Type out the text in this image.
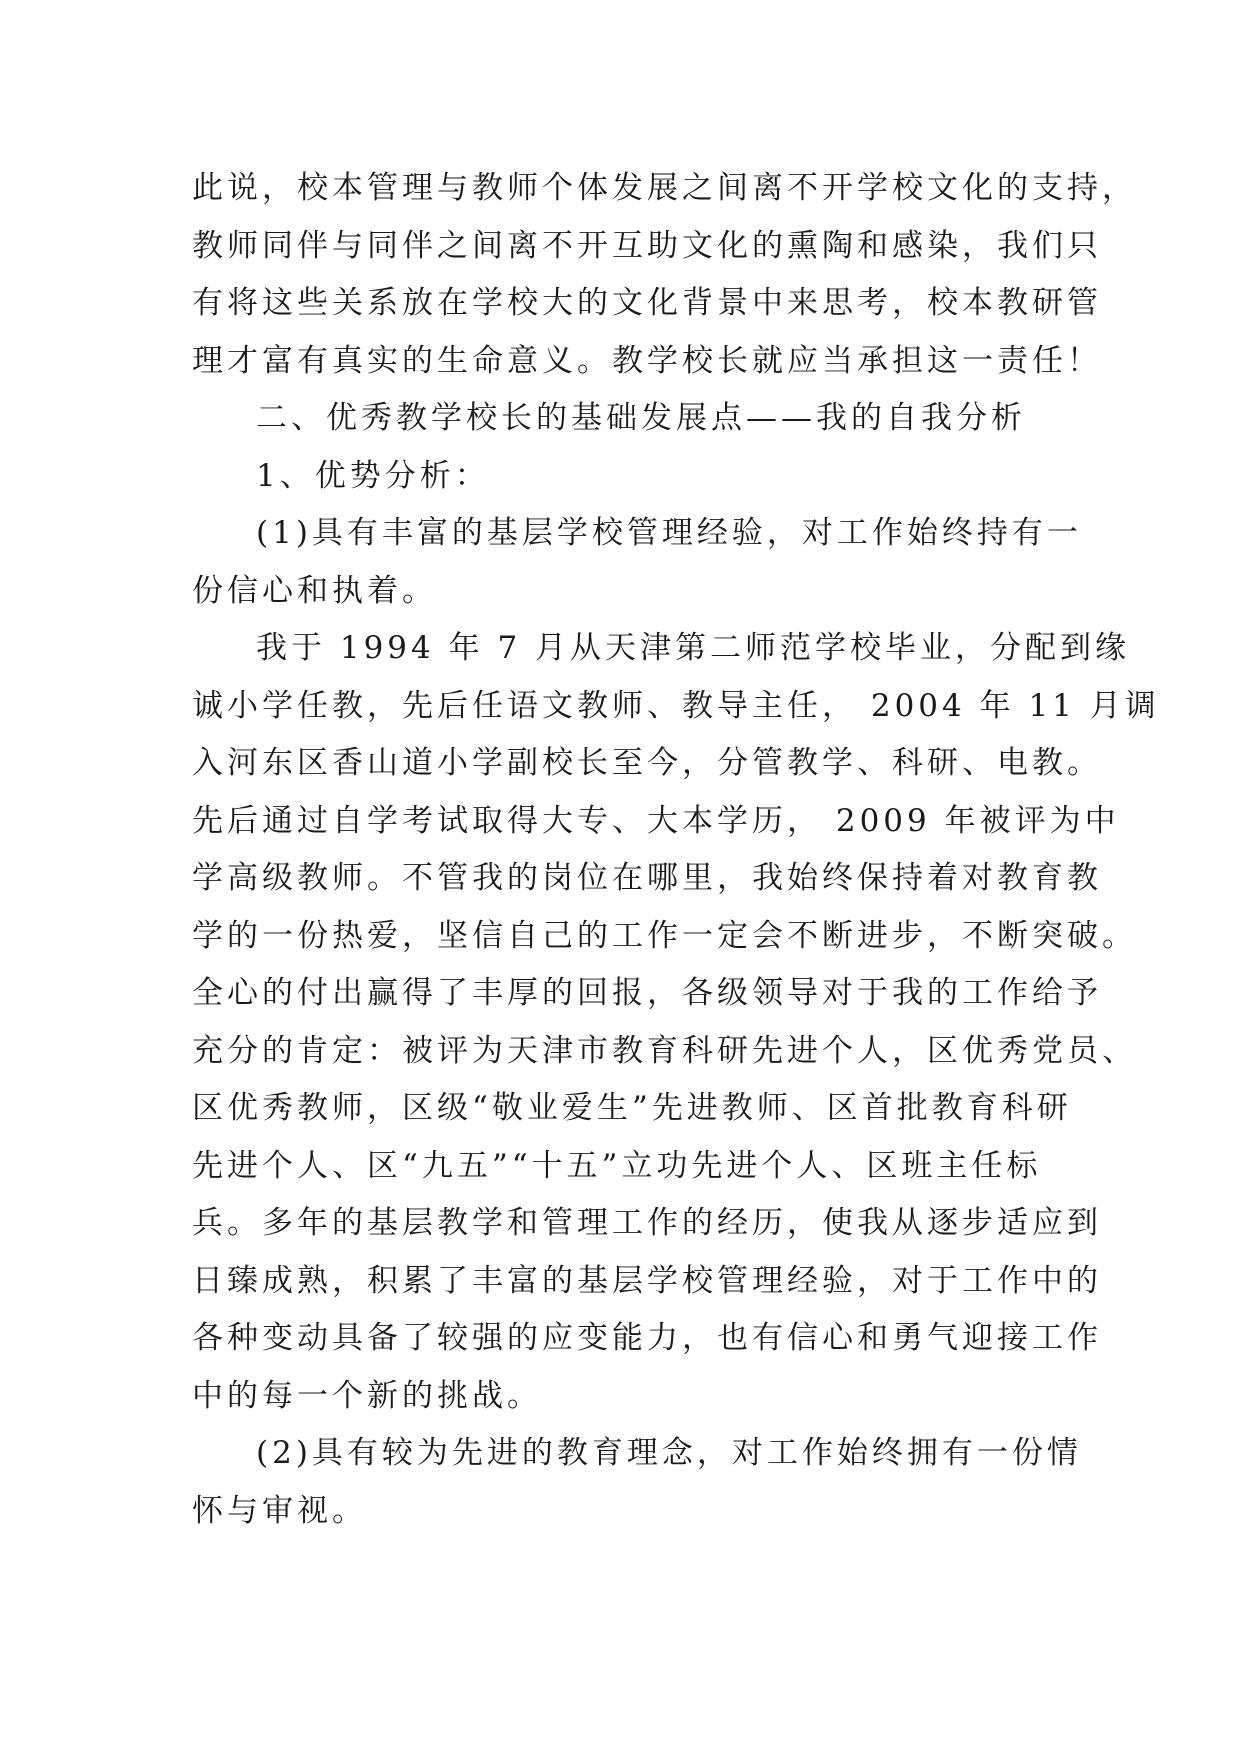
此说，校本管理与教师个体发展之间离不开学校文化的支持，
教师同伴与同伴之间离不开互助文化的熏陶和感染，我们只
有将这些关系放在学校大的文化背景中来思考，校本教研管
理才富有真实的生命意义。教学校长就应当承担这一责任！
二、优秀教学校长的基础发展点——我的自我分析
1、优势分析：
(1)具有丰富的基层学校管理经验，对工作始终持有一
份信心和执着。
我于 1994 年 7 月从天津第二师范学校毕业，分配到缘
诚小学任教，先后任语文教师、教导主任， 2004 年 11 月调
入河东区香山道小学副校长至今，分管教学、科研、电教。
先后通过自学考试取得大专、大本学历， 2009 年被评为中
学高级教师。不管我的岗位在哪里，我始终保持着对教育教
学的一份热爱，坚信自己的工作一定会不断进步，不断突破。
全心的付出赢得了丰厚的回报，各级领导对于我的工作给予
充分的肯定：被评为天津市教育科研先进个人，区优秀党员、
区优秀教师，区级“敬业爱生”先进教师、区首批教育科研
先进个人、区“九五”“十五”立功先进个人、区班主任标
兵。多年的基层教学和管理工作的经历，使我从逐步适应到
日臻成熟，积累了丰富的基层学校管理经验，对于工作中的
各种变动具备了较强的应变能力，也有信心和勇气迎接工作
中的每一个新的挑战。
(2)具有较为先进的教育理念，对工作始终拥有一份情
怀与审视。
